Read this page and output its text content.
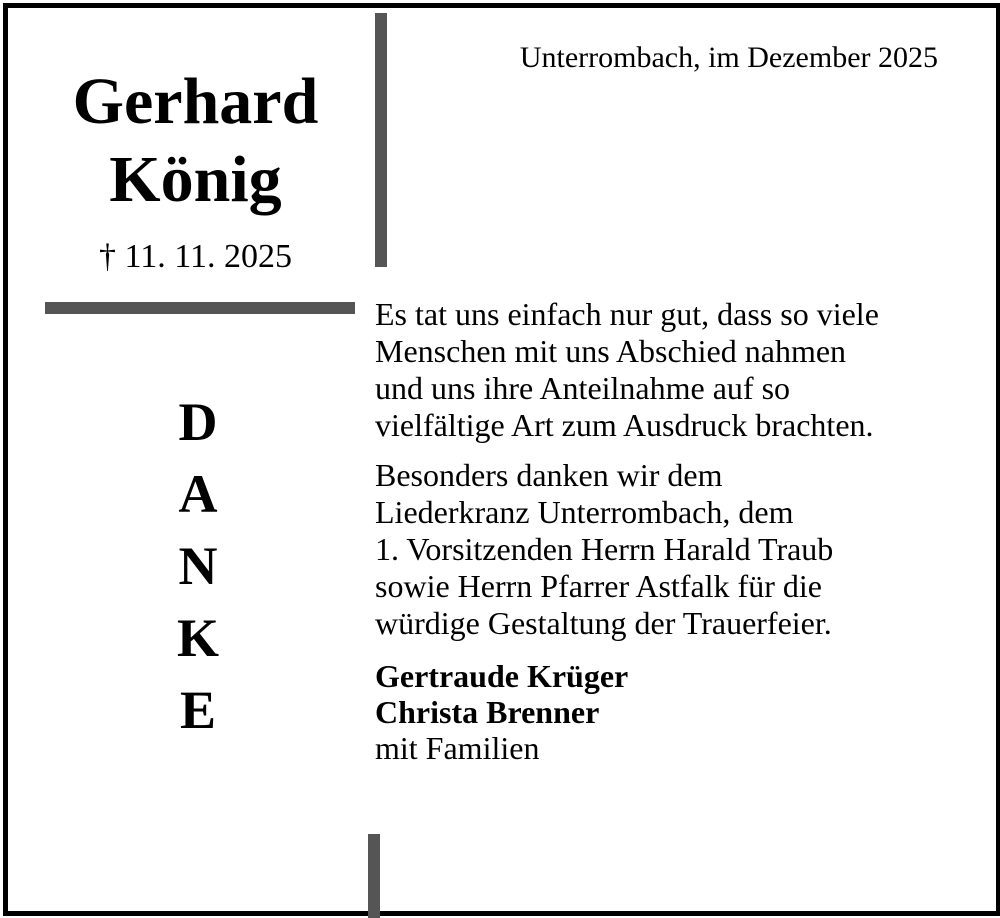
Unterrombach, im Dezember 2025
Gerhard
König
† 11. 11. 2025
D
A
N
K
E
Es tat uns einfach nur gut, dass so viele
Menschen mit uns Abschied nahmen
und uns ihre Anteilnahme auf so
vielfältige Art zum Ausdruck brachten.
Besonders danken wir dem
Liederkranz Unterrombach, dem
1. Vorsitzenden Herrn Harald Traub
sowie Herrn Pfarrer Astfalk für die
würdige Gestaltung der Trauerfeier.
Gertraude Krüger
Christa Brenner
mit Familien
